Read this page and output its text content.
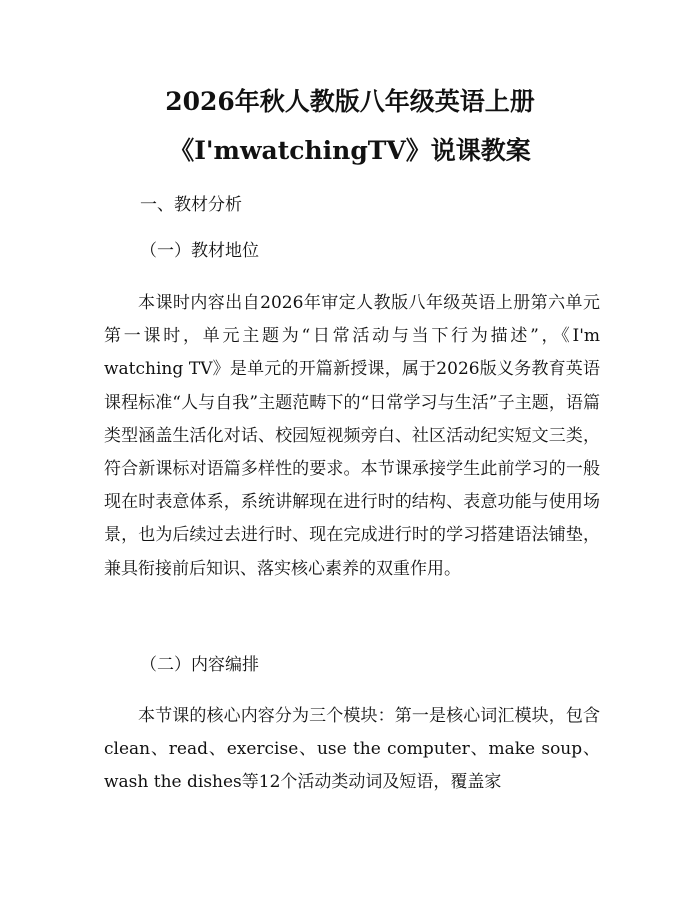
2026年秋人教版八年级英语上册
《I'mwatchingTV》说课教案
一、教材分析
（一）教材地位
本课时内容出自2026年审定人教版八年级英语上册第六单元第一课时，单元主题为“日常活动与当下行为描述”，《I'm watching TV》是单元的开篇新授课，属于2026版义务教育英语课程标准“人与自我”主题范畴下的“日常学习与生活”子主题，语篇类型涵盖生活化对话、校园短视频旁白、社区活动纪实短文三类，符合新课标对语篇多样性的要求。本节课承接学生此前学习的一般现在时表意体系，系统讲解现在进行时的结构、表意功能与使用场景，也为后续过去进行时、现在完成进行时的学习搭建语法铺垫，兼具衔接前后知识、落实核心素养的双重作用。
（二）内容编排
本节课的核心内容分为三个模块：第一是核心词汇模块，包含clean、read、exercise、use the computer、make soup、wash the dishes等12个活动类动词及短语，覆盖家
